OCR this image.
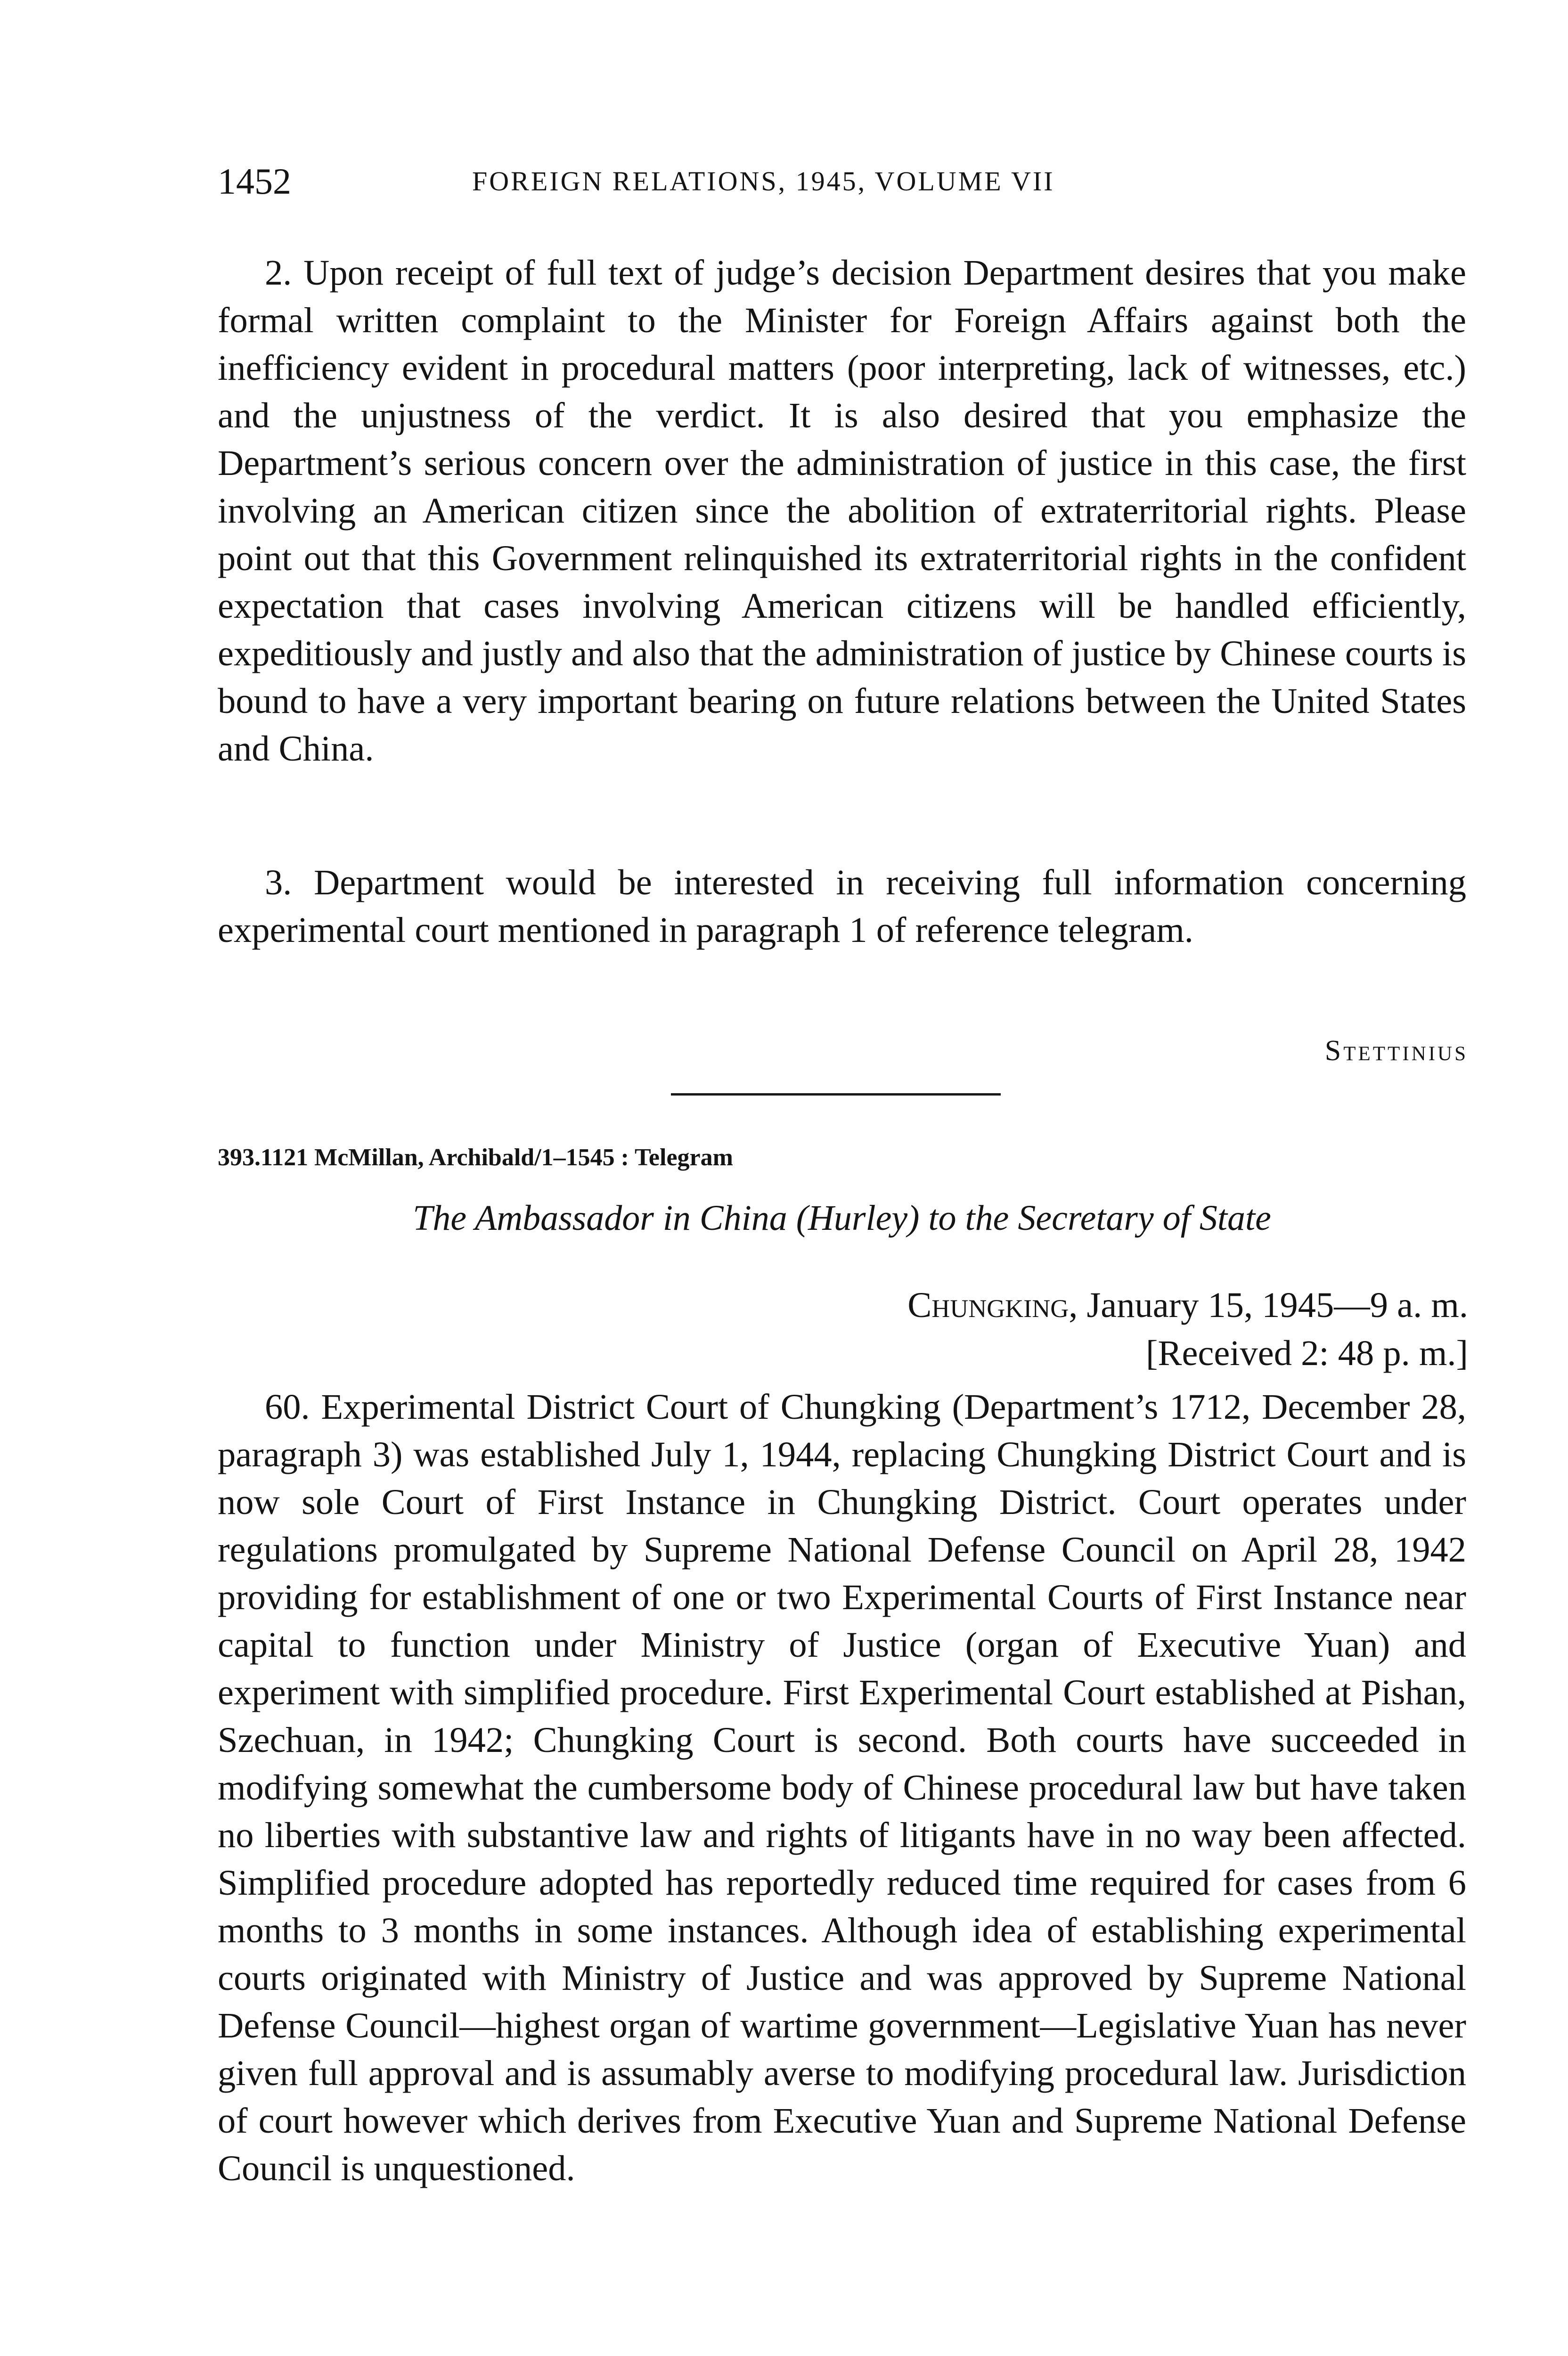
1452	FOREIGN RELATIONS, 1945, VOLUME VII

2. Upon receipt of full text of judge’s decision Department desires that you make formal written complaint to the Minister for Foreign Affairs against both the inefficiency evident in procedural matters (poor interpreting, lack of witnesses, etc.) and the unjustness of the verdict. It is also desired that you emphasize the Department’s serious concern over the administration of justice in this case, the first involving an American citizen since the abolition of extraterritorial rights. Please point out that this Government relinquished its extraterritorial rights in the confident expectation that cases involving American citizens will be handled efficiently, expeditiously and justly and also that the administration of justice by Chinese courts is bound to have a very important bearing on future relations between the United States and China.

3. Department would be interested in receiving full information concerning experimental court mentioned in paragraph 1 of reference telegram.

Stettinius
393.1121 McMillan, Archibald/1–1545 : Telegram
The Ambassador in China (Hurley) to the Secretary of State
Chungking, January 15, 1945—9 a. m.
[Received 2: 48 p. m.]

60. Experimental District Court of Chungking (Department’s 1712, December 28, paragraph 3) was established July 1, 1944, replacing Chungking District Court and is now sole Court of First Instance in Chungking District. Court operates under regulations promulgated by Supreme National Defense Council on April 28, 1942 providing for establishment of one or two Experimental Courts of First Instance near capital to function under Ministry of Justice (organ of Executive Yuan) and experiment with simplified procedure. First Experimental Court established at Pishan, Szechuan, in 1942; Chungking Court is second. Both courts have succeeded in modifying somewhat the cumbersome body of Chinese procedural law but have taken no liberties with substantive law and rights of litigants have in no way been affected. Simplified procedure adopted has reportedly reduced time required for cases from 6 months to 3 months in some instances. Although idea of establishing experimental courts originated with Ministry of Justice and was approved by Supreme National Defense Council—highest organ of wartime government—Legislative Yuan has never given full approval and is assumably averse to modifying procedural law. Jurisdiction of court however which derives from Executive Yuan and Supreme National Defense Council is unquestioned.
